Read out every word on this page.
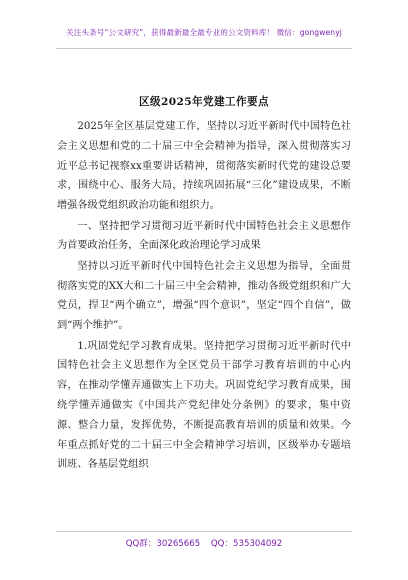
关注头条号“公文研究”，获得最新最全最专业的公文资料库！ 微信：gongwenyj
区级2025年党建工作要点

2025年全区基层党建工作，坚持以习近平新时代中国特色社会主义思想和党的二十届三中全会精神为指导，深入贯彻落实习近平总书记视察xx重要讲话精神，贯彻落实新时代党的建设总要求，围绕中心、服务大局，持续巩固拓展“三化”建设成果，不断增强各级党组织政治功能和组织力。

一、坚持把学习贯彻习近平新时代中国特色社会主义思想作为首要政治任务，全面深化政治理论学习成果

坚持以习近平新时代中国特色社会主义思想为指导，全面贯彻落实党的XX大和二十届三中全会精神，推动各级党组织和广大党员，捍卫“两个确立”，增强“四个意识”，坚定“四个自信”，做到“两个维护”。

1.巩固党纪学习教育成果。坚持把学习贯彻习近平新时代中国特色社会主义思想作为全区党员干部学习教育培训的中心内容，在推动学懂弄通做实上下功夫。巩固党纪学习教育成果，围绕学懂弄通做实《中国共产党纪律处分条例》的要求，集中资源、整合力量，发挥优势，不断提高教育培训的质量和效果。今年重点抓好党的二十届三中全会精神学习培训，区级举办专题培训班、各基层党组织

QQ群：30265665 QQ：535304092
